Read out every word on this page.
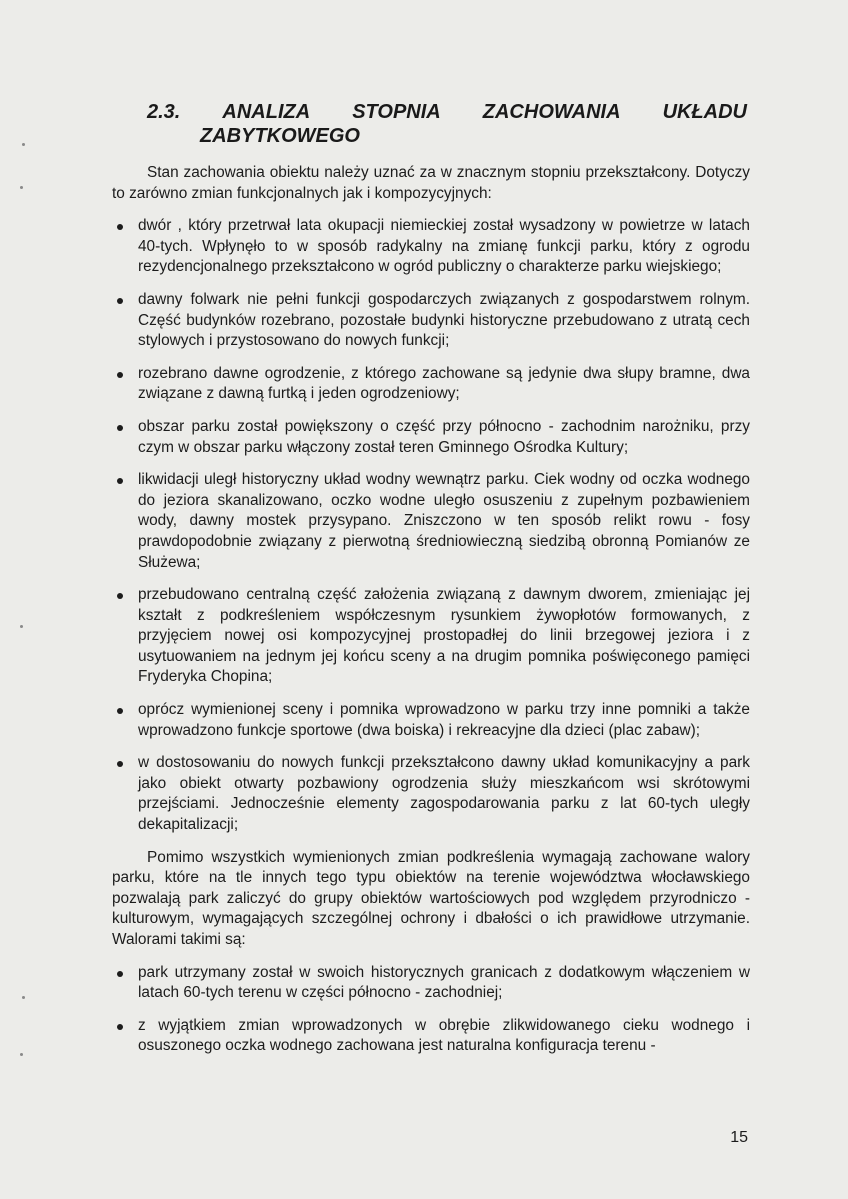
2.3. ANALIZA STOPNIA ZACHOWANIA UKŁADU
ZABYTKOWEGO

Stan zachowania obiektu należy uznać za w znacznym stopniu przekształcony. Dotyczy to zarówno zmian funkcjonalnych jak i kompozycyjnych:

dwór , który przetrwał lata okupacji niemieckiej został wysadzony w powietrze w latach 40-tych. Wpłynęło to w sposób radykalny na zmianę funkcji parku, który z ogrodu rezydencjonalnego przekształcono w ogród publiczny o charakterze parku wiejskiego;
dawny folwark nie pełni funkcji gospodarczych związanych z gospodarstwem rolnym. Część budynków rozebrano, pozostałe budynki historyczne przebudowano z utratą cech stylowych i przystosowano do nowych funkcji;
rozebrano dawne ogrodzenie, z którego zachowane są jedynie dwa słupy bramne, dwa związane z dawną furtką i jeden ogrodzeniowy;
obszar parku został powiększony o część przy północno - zachodnim narożniku, przy czym w obszar parku włączony został teren Gminnego Ośrodka Kultury;
likwidacji uległ historyczny układ wodny wewnątrz parku. Ciek wodny od oczka wodnego do jeziora skanalizowano, oczko wodne uległo osuszeniu z zupełnym pozbawieniem wody, dawny mostek przysypano. Zniszczono w ten sposób relikt rowu - fosy prawdopodobnie związany z pierwotną średniowieczną siedzibą obronną Pomianów ze Służewa;
przebudowano centralną część założenia związaną z dawnym dworem, zmieniając jej kształt z podkreśleniem współczesnym rysunkiem żywopłotów formowanych, z przyjęciem nowej osi kompozycyjnej prostopadłej do linii brzegowej jeziora i z usytuowaniem na jednym jej końcu sceny a na drugim pomnika poświęconego pamięci Fryderyka Chopina;
oprócz wymienionej sceny i pomnika wprowadzono w parku trzy inne pomniki a także wprowadzono funkcje sportowe (dwa boiska) i rekreacyjne dla dzieci (plac zabaw);
w dostosowaniu do nowych funkcji przekształcono dawny układ komunikacyjny a park jako obiekt otwarty pozbawiony ogrodzenia służy mieszkańcom wsi skrótowymi przejściami. Jednocześnie elementy zagospodarowania parku z lat 60-tych uległy dekapitalizacji;

Pomimo wszystkich wymienionych zmian podkreślenia wymagają zachowane walory parku, które na tle innych tego typu obiektów na terenie województwa włocławskiego pozwalają park zaliczyć do grupy obiektów wartościowych pod względem przyrodniczo - kulturowym, wymagających szczególnej ochrony i dbałości o ich prawidłowe utrzymanie. Walorami takimi są:

park utrzymany został w swoich historycznych granicach z dodatkowym włączeniem w latach 60-tych terenu w części północno - zachodniej;
z wyjątkiem zmian wprowadzonych w obrębie zlikwidowanego cieku wodnego i osuszonego oczka wodnego zachowana jest naturalna konfiguracja terenu -
15
